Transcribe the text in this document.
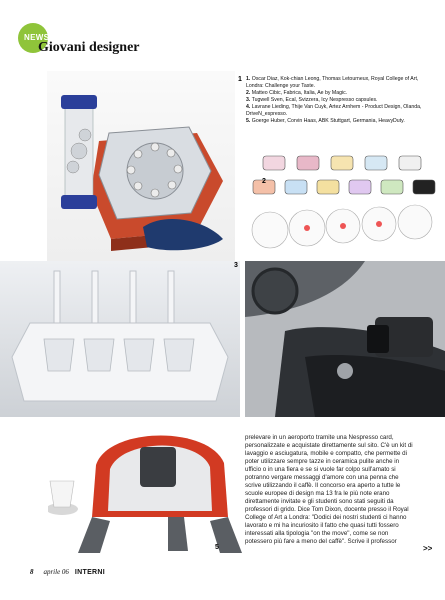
NEWS
Giovani designer
1 1. Oscar Diaz, Kok-chian Leong, Thomas Letourneux, Royal College of Art, Londra: Challenge your Taste.
2. Matteo Cibic, Fabrica, Italia, Ae by Magic.
3. Tugwell Sven, Ecal, Svizzera, Icy Nespresso capsules.
4. Lavrane Lieding, Thije Van Cuyk, Artez Arnhem - Product Design, Olanda, DriveN_espresso.
5. Goerge Huber, Corvin Haas, ABK Stuttgart, Germania, HeavyDuty.
2
3
5
prelevare in un aeroporto tramite una Nespresso card,
personalizzate e acquistate direttamente sul sito. C'è un kit di
lavaggio e asciugatura, mobile e compatto, che permette di
poter utilizzare sempre tazze in ceramica pulite anche in
ufficio o in una fiera e se si vuole far colpo sull'amato si
potranno vergare messaggi d'amore con una penna che
scrive utilizzando il caffè. Il concorso era aperto a tutte le
scuole europee di design ma 13 fra le più note erano
direttamente invitate e gli studenti sono stati seguiti da
professori di grido. Dice Tom Dixon, docente presso il Royal
College of Art a Londra: "Dodici dei nostri studenti ci hanno
lavorato e mi ha incuriosito il fatto che quasi tutti fossero
interessati alla tipologia "on the move", come se non
potessero più fare a meno del caffè". Scrive il professor
>>
8 aprile 06 INTERNI
